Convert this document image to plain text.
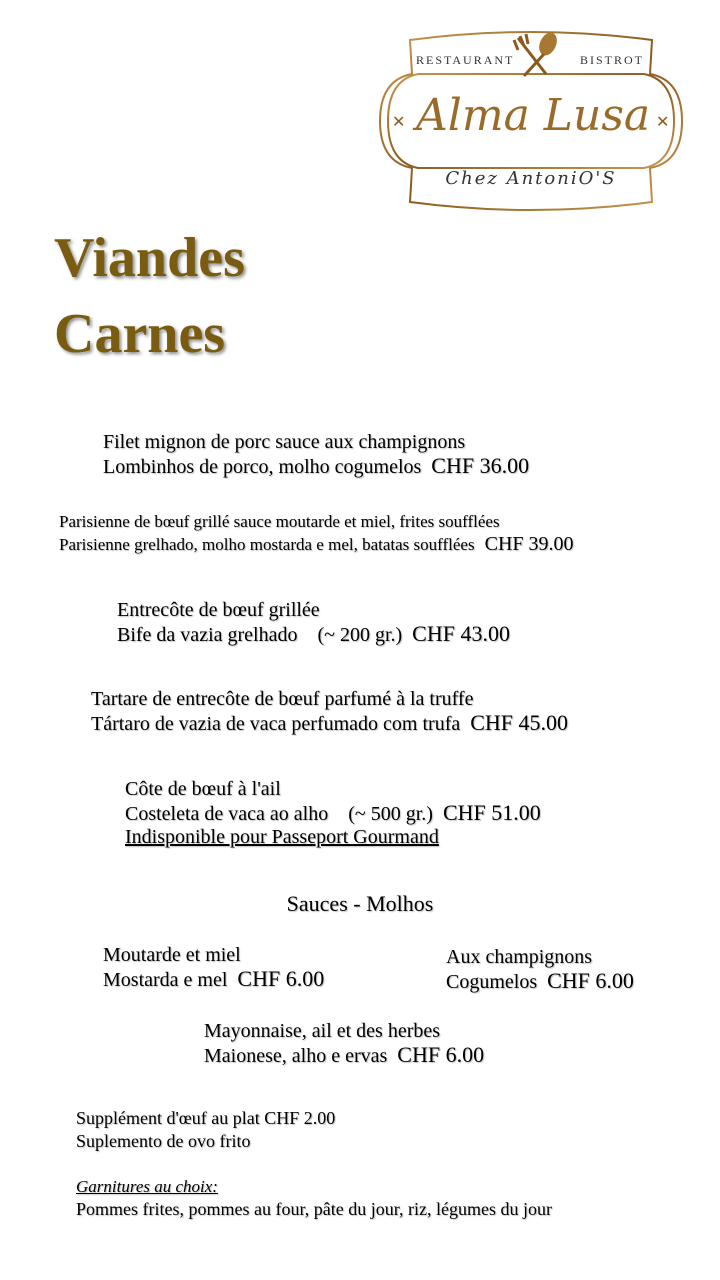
✕	✕
RESTAURANT	BISTROT
Alma Lusa
Chez AntoniO'S
Viandes
Carnes
Filet mignon de porc sauce aux champignons
Lombinhos de porco, molho cogumelos CHF 36.00
Parisienne de bœuf grillé sauce moutarde et miel, frites soufflées
Parisienne grelhado, molho mostarda e mel, batatas soufflées CHF 39.00
Entrecôte de bœuf grillée
Bife da vazia grelhado    (~ 200 gr.) CHF 43.00
Tartare de entrecôte de bœuf parfumé à la truffe
Tártaro de vazia de vaca perfumado com trufa CHF 45.00
Côte de bœuf à l'ail
Costeleta de vaca ao alho    (~ 500 gr.) CHF 51.00
Indisponible pour Passeport Gourmand
Sauces - Molhos
Moutarde et miel
Mostarda e mel CHF 6.00
Aux champignons
Cogumelos CHF 6.00
Mayonnaise, ail et des herbes
Maionese, alho e ervas CHF 6.00
Supplément d'œuf au plat CHF 2.00
Suplemento de ovo frito
Garnitures au choix:
Pommes frites, pommes au four, pâte du jour, riz, légumes du jour
